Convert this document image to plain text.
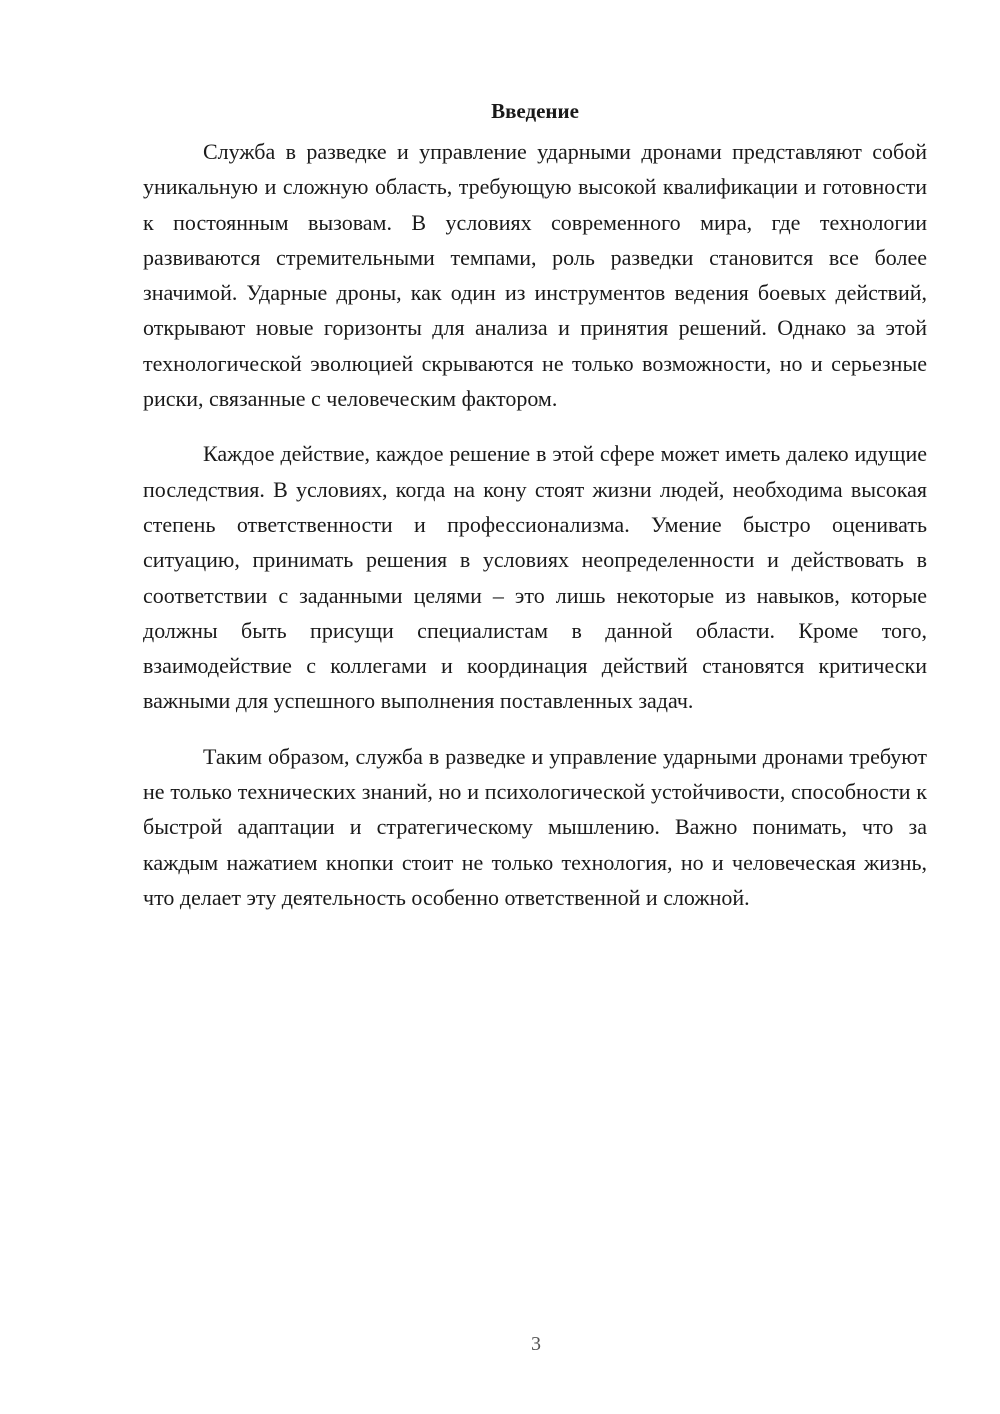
Введение

Служба в разведке и управление ударными дронами представляют собой уникальную и сложную область, требующую высокой квалификации и готовности к постоянным вызовам. В условиях современного мира, где технологии развиваются стремительными темпами, роль разведки становится все более значимой. Ударные дроны, как один из инструментов ведения боевых действий, открывают новые горизонты для анализа и принятия решений. Однако за этой технологической эволюцией скрываются не только возможности, но и серьезные риски, связанные с человеческим фактором.

Каждое действие, каждое решение в этой сфере может иметь далеко идущие последствия. В условиях, когда на кону стоят жизни людей, необходима высокая степень ответственности и профессионализма. Умение быстро оценивать ситуацию, принимать решения в условиях неопределенности и действовать в соответствии с заданными целями – это лишь некоторые из навыков, которые должны быть присущи специалистам в данной области. Кроме того, взаимодействие с коллегами и координация действий становятся критически важными для успешного выполнения поставленных задач.

Таким образом, служба в разведке и управление ударными дронами требуют не только технических знаний, но и психологической устойчивости, способности к быстрой адаптации и стратегическому мышлению. Важно понимать, что за каждым нажатием кнопки стоит не только технология, но и человеческая жизнь, что делает эту деятельность особенно ответственной и сложной.

3
